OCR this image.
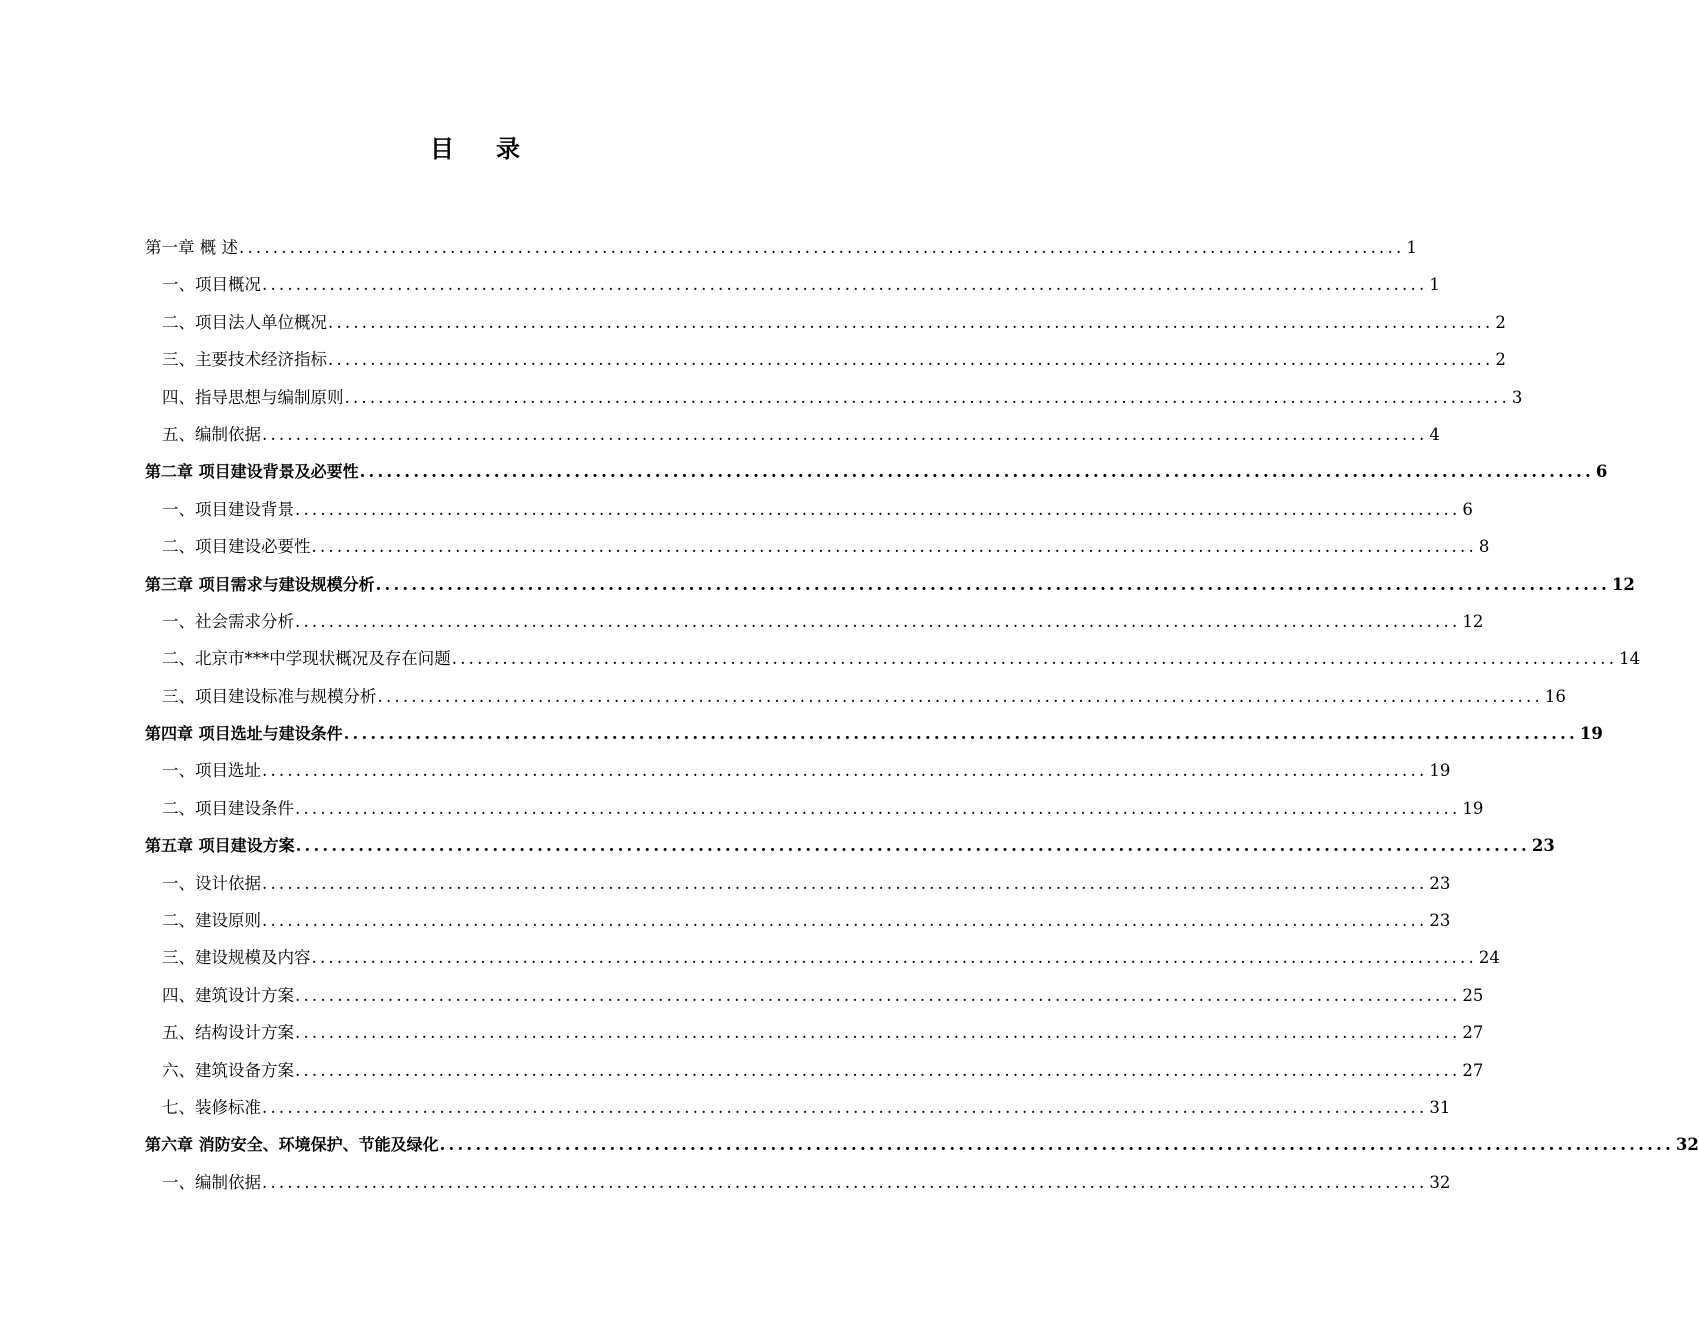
目录
第一章 概 述 .......................................................................................................................................... 1
一、项目概况 .......................................................................................................................................... 1
二、项目法人单位概况 .......................................................................................................................................... 2
三、主要技术经济指标 .......................................................................................................................................... 2
四、指导思想与编制原则 .......................................................................................................................................... 3
五、编制依据 .......................................................................................................................................... 4
第二章 项目建设背景及必要性 .......................................................................................................................................... 6
一、项目建设背景 .......................................................................................................................................... 6
二、项目建设必要性 .......................................................................................................................................... 8
第三章 项目需求与建设规模分析 .......................................................................................................................................... 12
一、社会需求分析 .......................................................................................................................................... 12
二、北京市***中学现状概况及存在问题 .......................................................................................................................................... 14
三、项目建设标准与规模分析 .......................................................................................................................................... 16
第四章 项目选址与建设条件 .......................................................................................................................................... 19
一、项目选址 .......................................................................................................................................... 19
二、项目建设条件 .......................................................................................................................................... 19
第五章 项目建设方案 .......................................................................................................................................... 23
一、设计依据 .......................................................................................................................................... 23
二、建设原则 .......................................................................................................................................... 23
三、建设规模及内容 .......................................................................................................................................... 24
四、建筑设计方案 .......................................................................................................................................... 25
五、结构设计方案 .......................................................................................................................................... 27
六、建筑设备方案 .......................................................................................................................................... 27
七、装修标准 .......................................................................................................................................... 31
第六章 消防安全、环境保护、节能及绿化 .......................................................................................................................................... 32
一、编制依据 .......................................................................................................................................... 32
